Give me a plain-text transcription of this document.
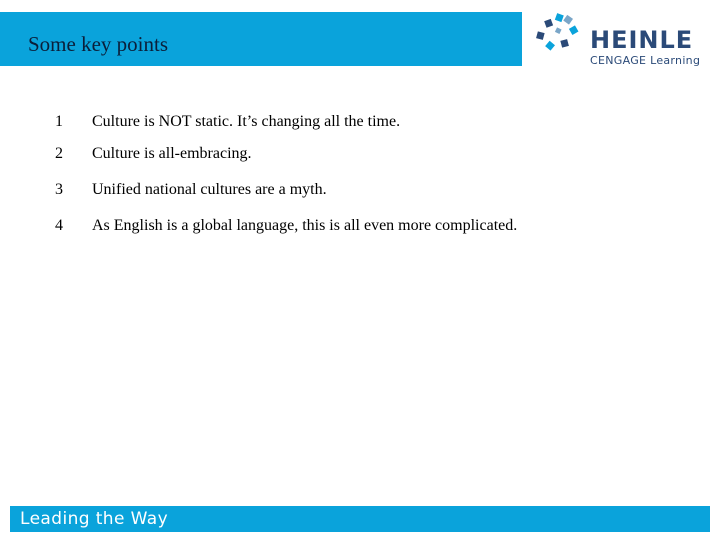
Some key points	HEINLE
CENGAGE Learning
1 Culture is NOT static. It’s changing all the time.
2 Culture is all-embracing.
3 Unified national cultures are a myth.
4 As English is a global language, this is all even more complicated.
Leading the Way
